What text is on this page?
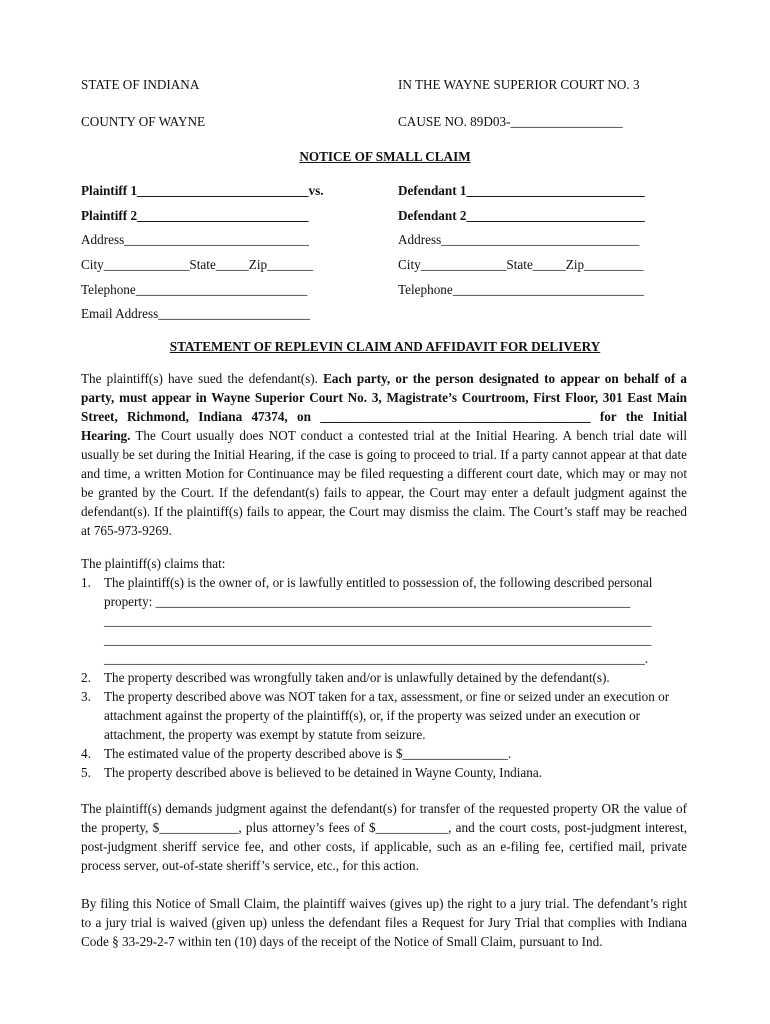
STATE OF INDIANA	IN THE WAYNE SUPERIOR COURT NO. 3
COUNTY OF WAYNE	CAUSE NO. 89D03-_________________
NOTICE OF SMALL CLAIM
Plaintiff 1__________________________vs.	Defendant 1___________________________
Plaintiff 2__________________________	Defendant 2___________________________
Address____________________________	Address______________________________
City_____________State_____Zip_______	City_____________State_____Zip_________
Telephone__________________________	Telephone_____________________________
Email Address_______________________
STATEMENT OF REPLEVIN CLAIM AND AFFIDAVIT FOR DELIVERY
The plaintiff(s) have sued the defendant(s). Each party, or the person designated to appear on behalf of a party, must appear in Wayne Superior Court No. 3, Magistrate’s Courtroom, First Floor, 301 East Main Street, Richmond, Indiana 47374, on _________________________________________ for the Initial Hearing. The Court usually does NOT conduct a contested trial at the Initial Hearing. A bench trial date will usually be set during the Initial Hearing, if the case is going to proceed to trial. If a party cannot appear at that date and time, a written Motion for Continuance may be filed requesting a different court date, which may or may not be granted by the Court. If the defendant(s) fails to appear, the Court may enter a default judgment against the defendant(s). If the plaintiff(s) fails to appear, the Court may dismiss the claim. The Court’s staff may be reached at 765-973-9269.
The plaintiff(s) claims that:
1. The plaintiff(s) is the owner of, or is lawfully entitled to possession of, the following described personal
property: ________________________________________________________________________
___________________________________________________________________________________
___________________________________________________________________________________
__________________________________________________________________________________.
2. The property described was wrongfully taken and/or is unlawfully detained by the defendant(s).
3. The property described above was NOT taken for a tax, assessment, or fine or seized under an execution or attachment against the property of the plaintiff(s), or, if the property was seized under an execution or attachment, the property was exempt by statute from seizure.
4. The estimated value of the property described above is $________________.
5. The property described above is believed to be detained in Wayne County, Indiana.
The plaintiff(s) demands judgment against the defendant(s) for transfer of the requested property OR the value of the property, $____________, plus attorney’s fees of $___________, and the court costs, post-judgment interest, post-judgment sheriff service fee, and other costs, if applicable, such as an e-filing fee, certified mail, private process server, out-of-state sheriff’s service, etc., for this action.
By filing this Notice of Small Claim, the plaintiff waives (gives up) the right to a jury trial. The defendant’s right to a jury trial is waived (given up) unless the defendant files a Request for Jury Trial that complies with Indiana Code § 33-29-2-7 within ten (10) days of the receipt of the Notice of Small Claim, pursuant to Ind.
